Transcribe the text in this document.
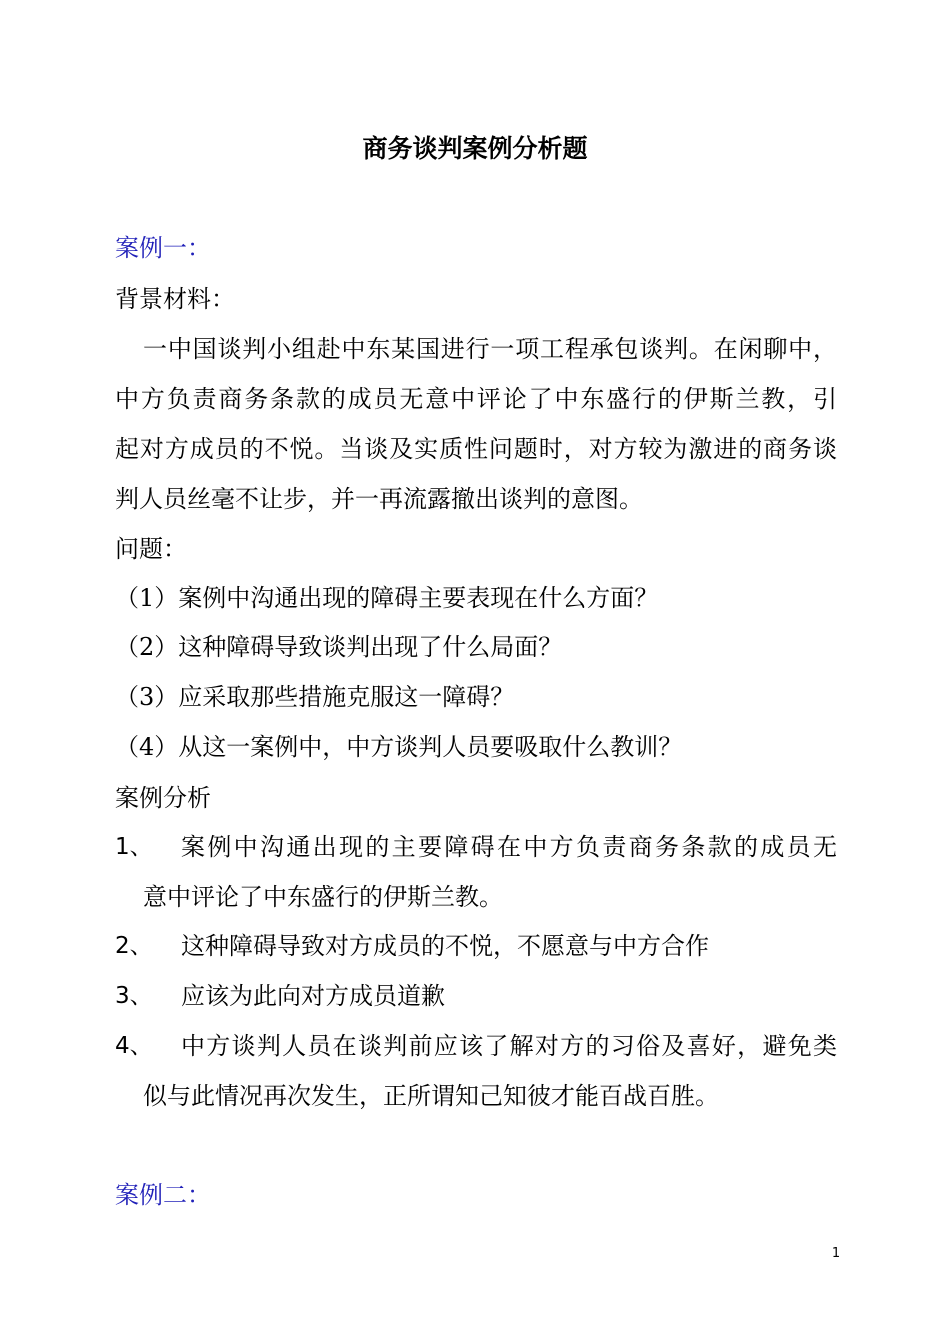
商务谈判案例分析题
案例一：
背景材料：
一中国谈判小组赴中东某国进行一项工程承包谈判。在闲聊中，
中方负责商务条款的成员无意中评论了中东盛行的伊斯兰教，引
起对方成员的不悦。当谈及实质性问题时，对方较为激进的商务谈
判人员丝毫不让步，并一再流露撤出谈判的意图。
问题：
（1）案例中沟通出现的障碍主要表现在什么方面？
（2）这种障碍导致谈判出现了什么局面？
（3）应采取那些措施克服这一障碍？
（4）从这一案例中，中方谈判人员要吸取什么教训？
案例分析
1、 案例中沟通出现的主要障碍在中方负责商务条款的成员无
意中评论了中东盛行的伊斯兰教。
2、 这种障碍导致对方成员的不悦，不愿意与中方合作
3、 应该为此向对方成员道歉
4、 中方谈判人员在谈判前应该了解对方的习俗及喜好，避免类
似与此情况再次发生，正所谓知己知彼才能百战百胜。
案例二：
1
